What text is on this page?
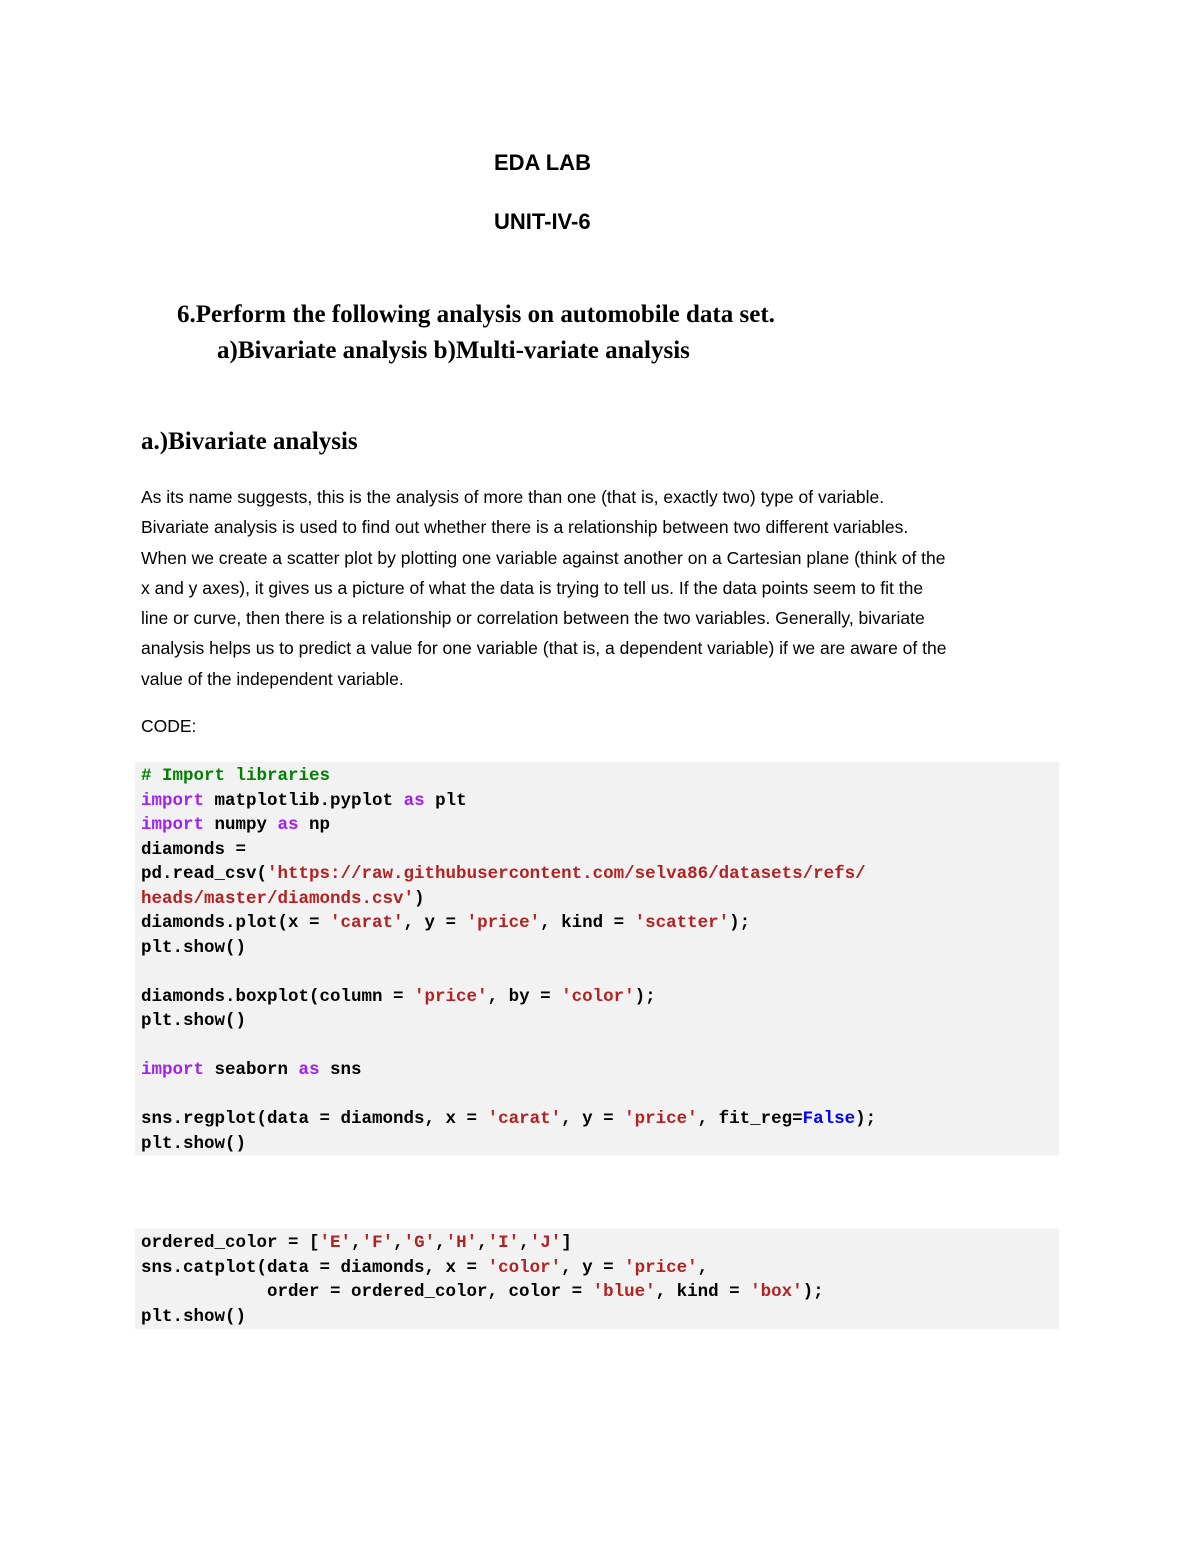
EDA LAB
UNIT-IV-6

6.Perform the following analysis on automobile data set.

a)Bivariate analysis b)Multi-variate analysis

a.)Bivariate analysis
As its name suggests, this is the analysis of more than one (that is, exactly two) type of variable.
Bivariate analysis is used to find out whether there is a relationship between two different variables.
When we create a scatter plot by plotting one variable against another on a Cartesian plane (think of the
x and y axes), it gives us a picture of what the data is trying to tell us. If the data points seem to fit the
line or curve, then there is a relationship or correlation between the two variables. Generally, bivariate
analysis helps us to predict a value for one variable (that is, a dependent variable) if we are aware of the
value of the independent variable.

CODE:

# Import libraries
import matplotlib.pyplot as plt
import numpy as np
diamonds =
pd.read_csv('https://raw.githubusercontent.com/selva86/datasets/refs/
heads/master/diamonds.csv')
diamonds.plot(x = 'carat', y = 'price', kind = 'scatter');
plt.show()
diamonds.boxplot(column = 'price', by = 'color');
plt.show()
import seaborn as sns
sns.regplot(data = diamonds, x = 'carat', y = 'price', fit_reg=False);
plt.show()
ordered_color = ['E','F','G','H','I','J']
sns.catplot(data = diamonds, x = 'color', y = 'price',
order = ordered_color, color = 'blue', kind = 'box');
plt.show()
